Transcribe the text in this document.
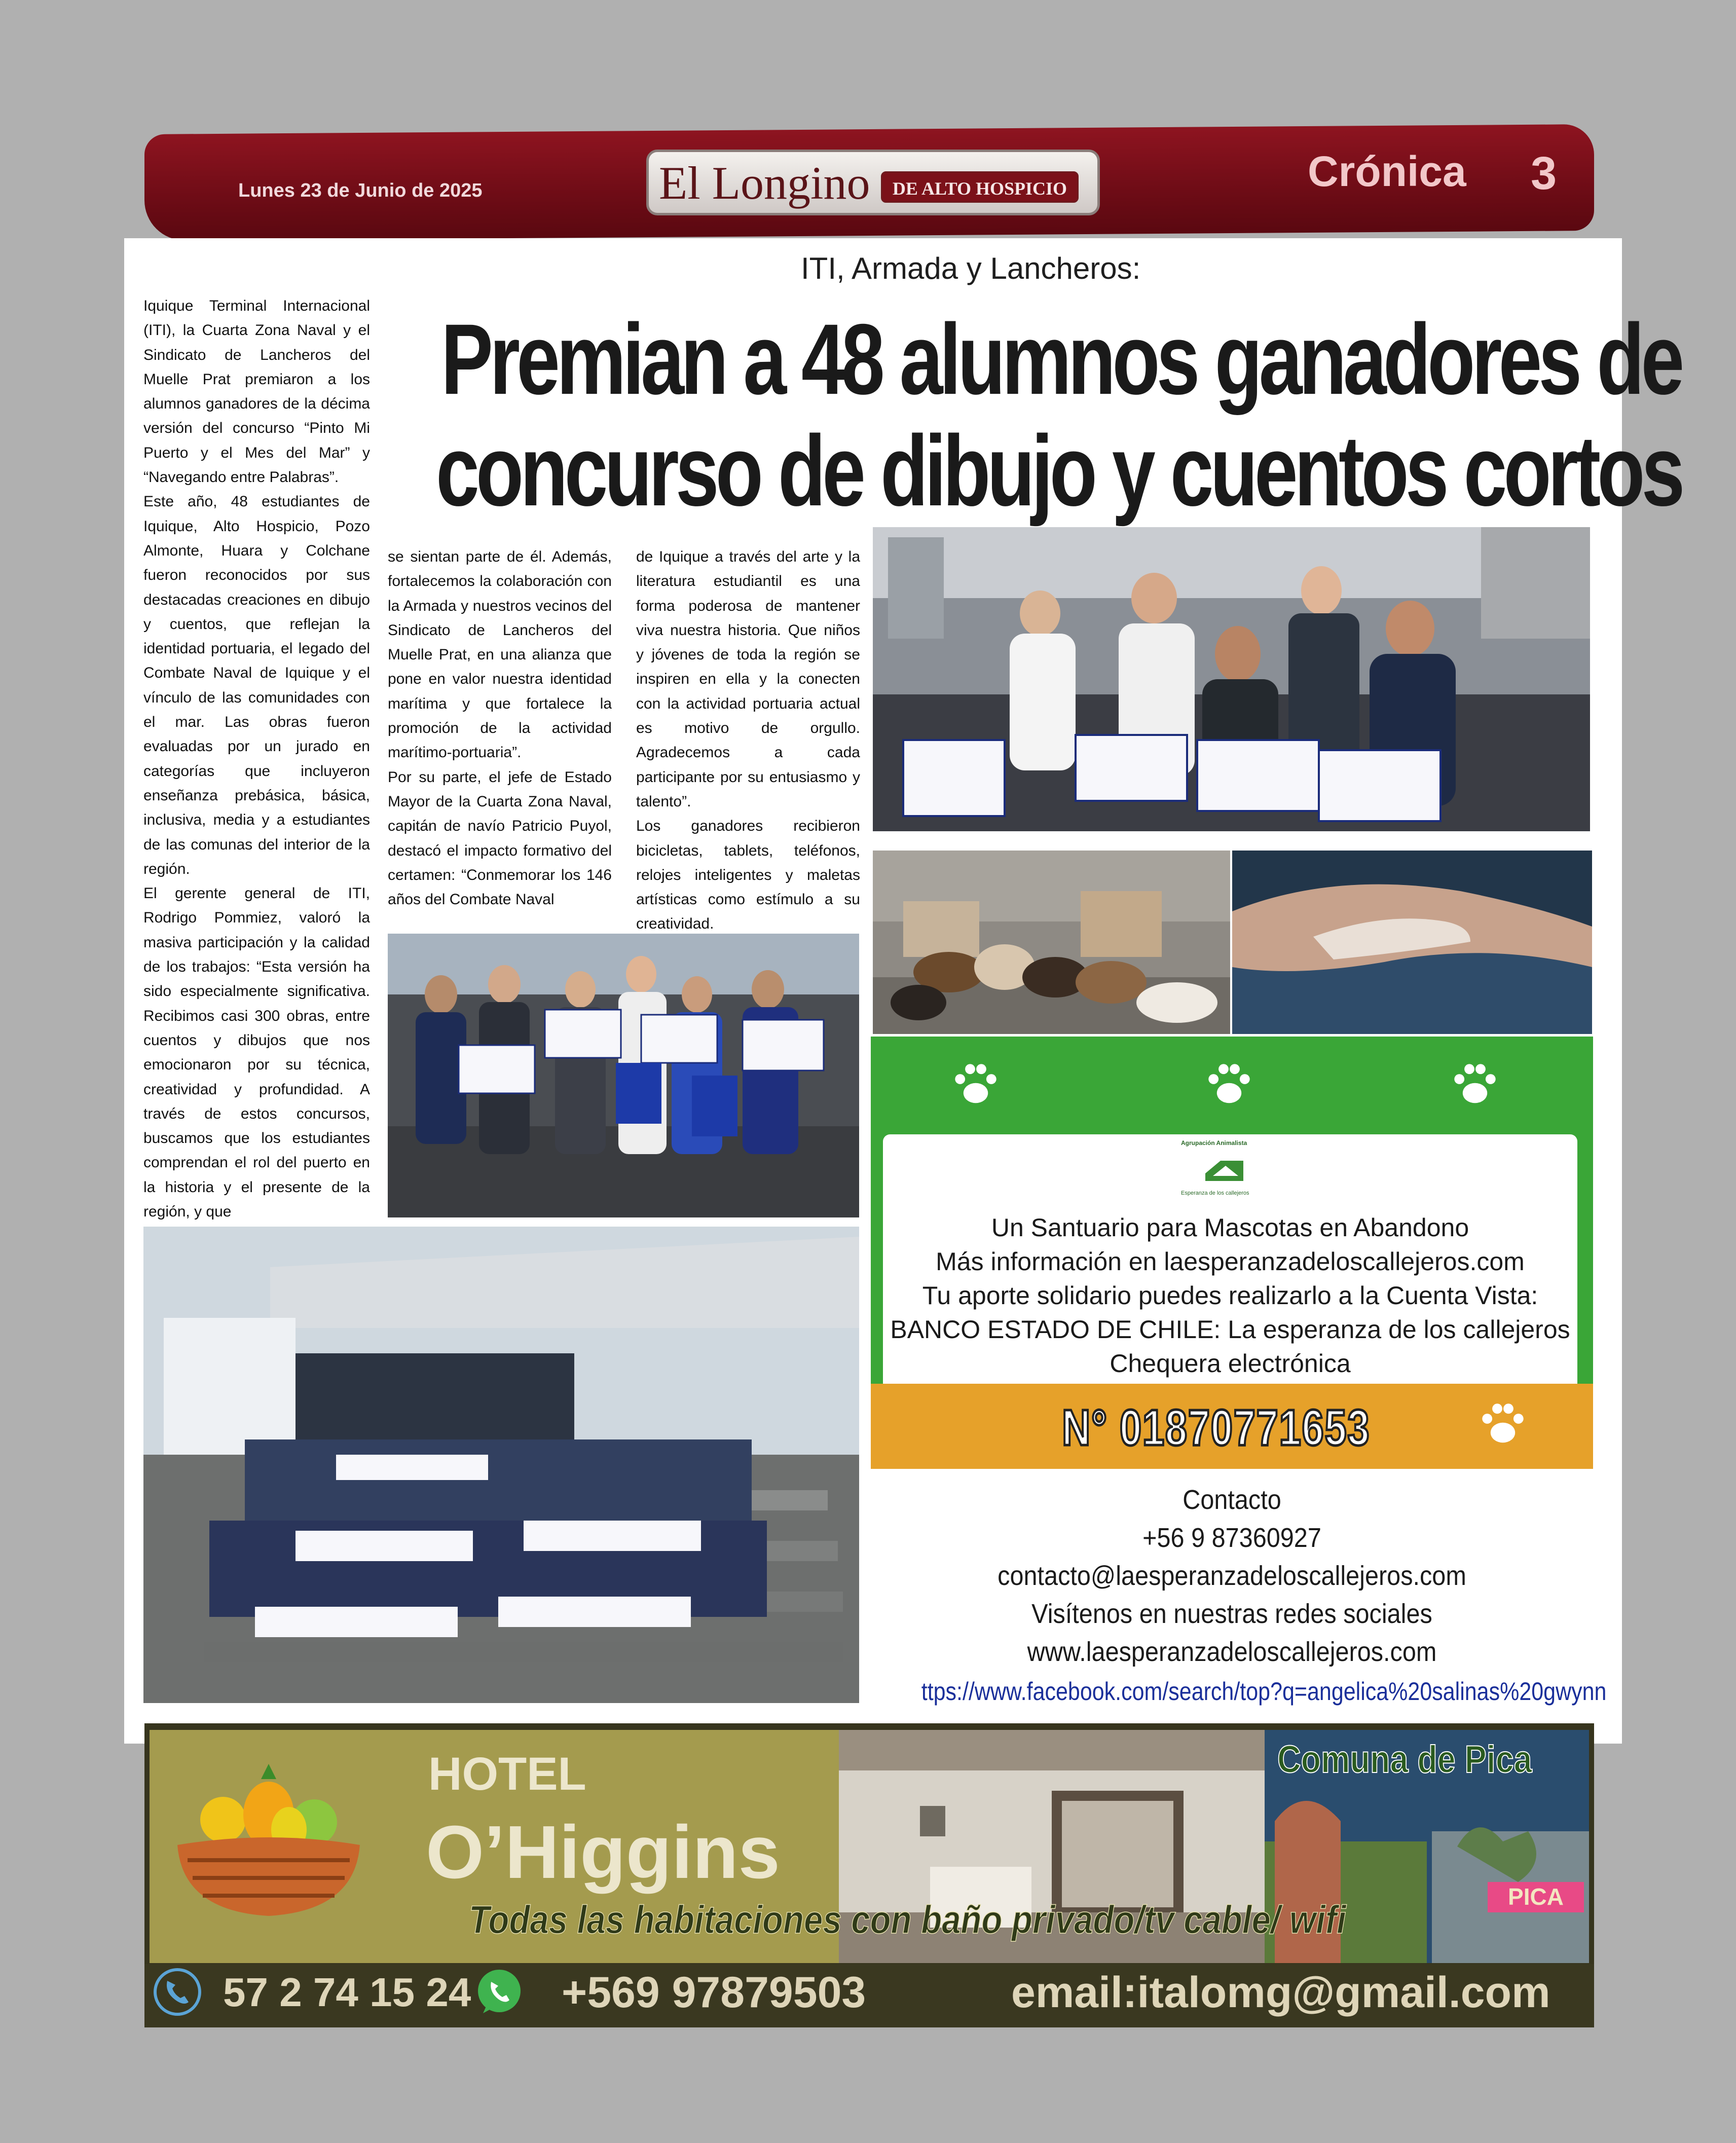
Lunes 23 de Junio de 2025	El Longino	DE ALTO HOSPICIO	Crónica 3
ITI, Armada y Lancheros:
Premian a 48 alumnos ganadores de
concurso de dibujo y cuentos cortos

Iquique Terminal Internacional (ITI), la Cuarta Zona Naval y el Sindicato de Lancheros del Muelle Prat premiaron a los alumnos ganadores de la décima versión del concurso “Pinto Mi Puerto y el Mes del Mar” y “Navegando entre Palabras”.

Este año, 48 estudiantes de Iquique, Alto Hospicio, Pozo Almonte, Huara y Colchane fueron reconocidos por sus destacadas creaciones en dibujo y cuentos, que reflejan la identidad portuaria, el legado del Combate Naval de Iquique y el vínculo de las comunidades con el mar. Las obras fueron evaluadas por un jurado en categorías que incluyeron enseñanza prebásica, básica, inclusiva, media y a estudiantes de las comunas del interior de la región.

El gerente general de ITI, Rodrigo Pommiez, valoró la masiva participación y la calidad de los trabajos: “Esta versión ha sido especialmente significativa. Recibimos casi 300 obras, entre cuentos y dibujos que nos emocionaron por su técnica, creatividad y profundidad. A través de estos concursos, buscamos que los estudiantes comprendan el rol del puerto en la historia y el presente de la región, y que

se sientan parte de él. Además, fortalecemos la colaboración con la Armada y nuestros vecinos del Sindicato de Lancheros del Muelle Prat, en una alianza que pone en valor nuestra identidad marítima y que fortalece la promoción de la actividad marítimo-portuaria”.

Por su parte, el jefe de Estado Mayor de la Cuarta Zona Naval, capitán de navío Patricio Puyol, destacó el impacto formativo del certamen: “Conmemorar los 146 años del Combate Naval

de Iquique a través del arte y la literatura estudiantil es una forma poderosa de mantener viva nuestra historia. Que niños y jóvenes de toda la región se inspiren en ella y la conecten con la actividad portuaria actual es motivo de orgullo. Agradecemos a cada participante por su entusiasmo y talento”.

Los ganadores recibieron bicicletas, tablets, teléfonos, relojes inteligentes y maletas artísticas como estímulo a su creatividad.

Agrupación Animalista
Esperanza de los callejeros
Un Santuario para Mascotas en Abandono
Más información en laesperanzadeloscallejeros.com
Tu aporte solidario puedes realizarlo a la Cuenta Vista:
BANCO ESTADO DE CHILE: La esperanza de los callejeros
Chequera electrónica
N° 01870771653
Contacto
+56 9 87360927
contacto@laesperanzadeloscallejeros.com
Visítenos en nuestras redes sociales
www.laesperanzadeloscallejeros.com
ttps://www.facebook.com/search/top?q=angelica%20salinas%20gwynn
PICA
HOTEL
O’Higgins
Comuna de Pica
Todas las habitaciones con baño privado/tv cable/ wifi
57 2 74 15 24 +569 97879503	email:italomg@gmail.com
